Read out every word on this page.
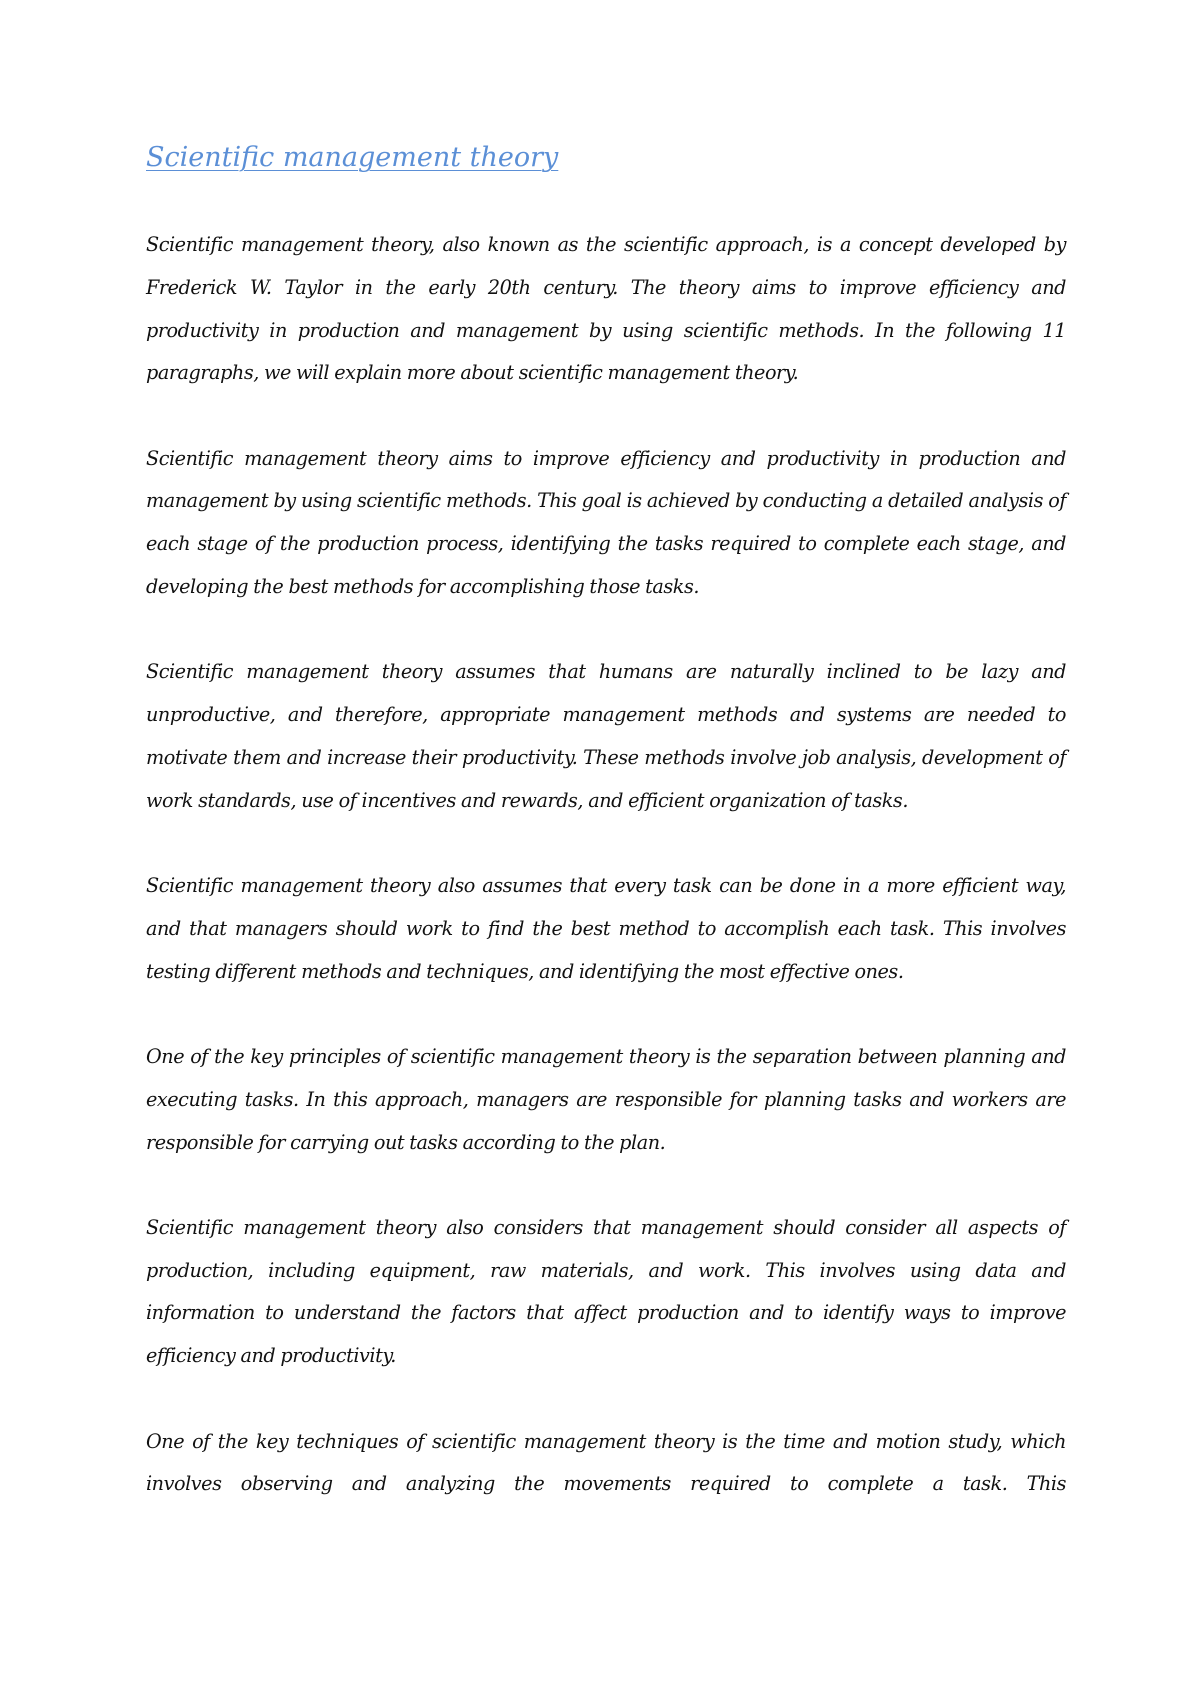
Scientific management theory

Scientific management theory, also known as the scientific approach, is a concept developed by Frederick W. Taylor in the early 20th century. The theory aims to improve efficiency and productivity in production and management by using scientific methods. In the following 11 paragraphs, we will explain more about scientific management theory.

Scientific management theory aims to improve efficiency and productivity in production and management by using scientific methods. This goal is achieved by conducting a detailed analysis of each stage of the production process, identifying the tasks required to complete each stage, and developing the best methods for accomplishing those tasks.

Scientific management theory assumes that humans are naturally inclined to be lazy and unproductive, and therefore, appropriate management methods and systems are needed to motivate them and increase their productivity. These methods involve job analysis, development of work standards, use of incentives and rewards, and efficient organization of tasks.

Scientific management theory also assumes that every task can be done in a more efficient way, and that managers should work to find the best method to accomplish each task. This involves testing different methods and techniques, and identifying the most effective ones.

One of the key principles of scientific management theory is the separation between planning and executing tasks. In this approach, managers are responsible for planning tasks and workers are responsible for carrying out tasks according to the plan.

Scientific management theory also considers that management should consider all aspects of production, including equipment, raw materials, and work. This involves using data and information to understand the factors that affect production and to identify ways to improve efficiency and productivity.

One of the key techniques of scientific management theory is the time and motion study, which involves observing and analyzing the movements required to complete a task. This
